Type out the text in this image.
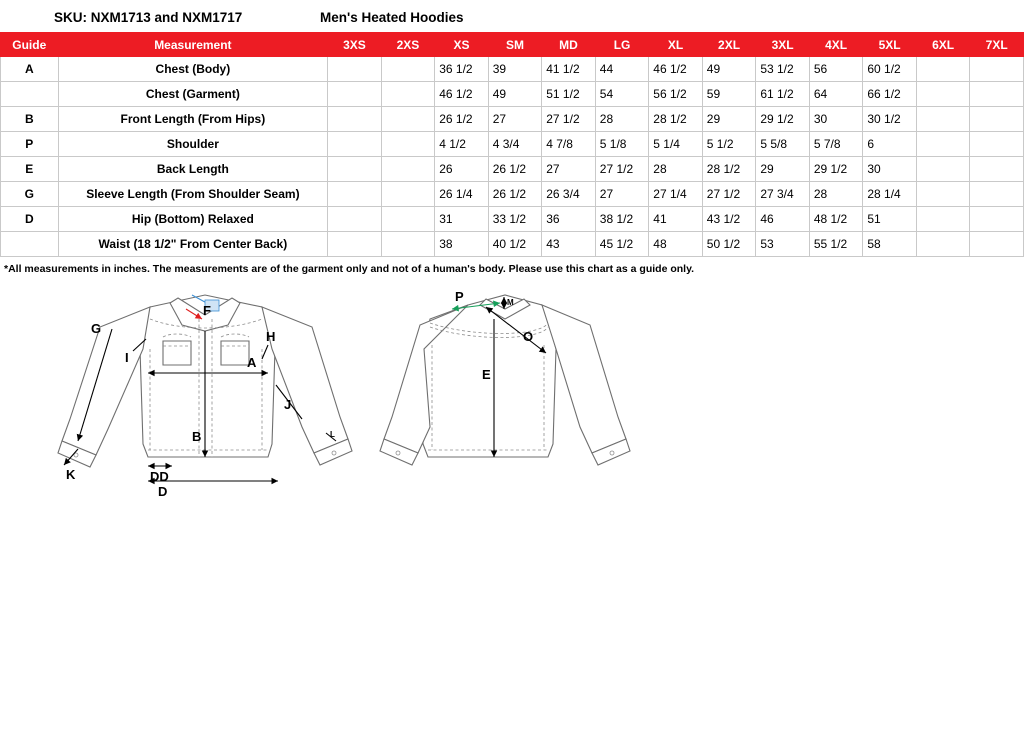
SKU: NXM1713 and NXM1717	Men's Heated Hoodies
Guide	Measurement	3XS	2XS	XS	SM	MD	LG	XL	2XL	3XL	4XL	5XL	6XL	7XL
A	Chest (Body)			36 1/2	39	41 1/2	44	46 1/2	49	53 1/2	56	60 1/2		
	Chest (Garment)			46 1/2	49	51 1/2	54	56 1/2	59	61 1/2	64	66 1/2		
B	Front Length (From Hips)			26 1/2	27	27 1/2	28	28 1/2	29	29 1/2	30	30 1/2		
P	Shoulder			4 1/2	4 3/4	4 7/8	5 1/8	5 1/4	5 1/2	5 5/8	5 7/8	6		
E	Back Length			26	26 1/2	27	27 1/2	28	28 1/2	29	29 1/2	30		
G	Sleeve Length (From Shoulder Seam)			26 1/4	26 1/2	26 3/4	27	27 1/4	27 1/2	27 3/4	28	28 1/4		
D	Hip (Bottom) Relaxed			31	33 1/2	36	38 1/2	41	43 1/2	46	48 1/2	51		
	Waist (18 1/2" From Center Back)			38	40 1/2	43	45 1/2	48	50 1/2	53	55 1/2	58		
*All measurements in inches. The measurements are of the garment only and not of a human's body. Please use this chart as a guide only.
G
I
H
A
J
B
K	DD
D
F
L
P	M
O
E
